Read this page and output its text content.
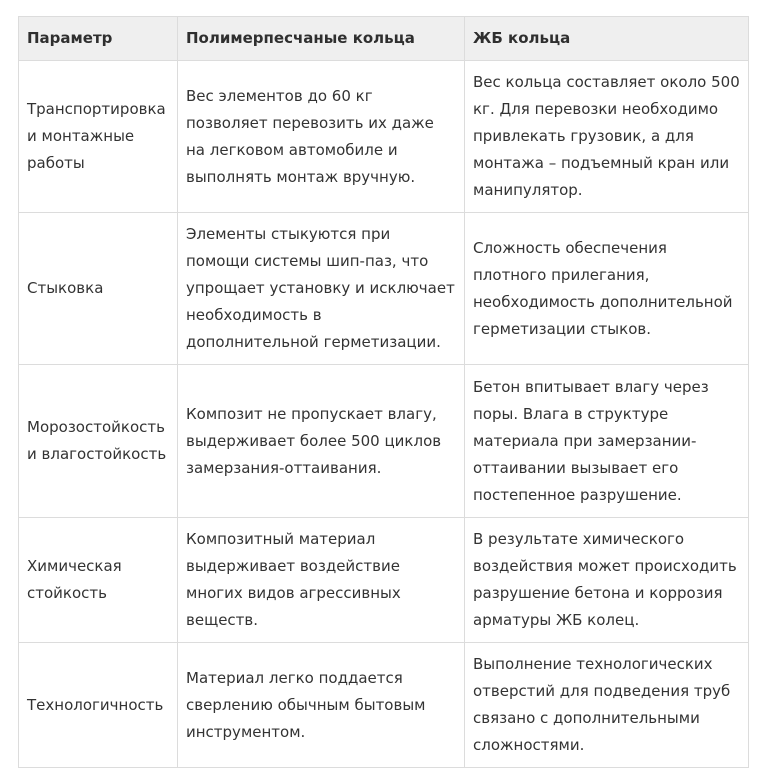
Параметр	Полимерпесчаные кольца	ЖБ кольца
Транспортировка и монтажные работы	Вес элементов до 60 кг позволяет перевозить их даже на легковом автомобиле и выполнять монтаж вручную.	Вес кольца составляет около 500 кг. Для перевозки необходимо привлекать грузовик, а для монтажа – подъемный кран или манипулятор.
Стыковка	Элементы стыкуются при помощи системы шип-паз, что упрощает установку и исключает необходимость в дополнительной герметизации.	Сложность обеспечения плотного прилегания, необходимость дополнительной герметизации стыков.
Морозостойкость и влагостойкость	Композит не пропускает влагу, выдерживает более 500 циклов замерзания-оттаивания.	Бетон впитывает влагу через поры. Влага в структуре материала при замерзании-оттаивании вызывает его постепенное разрушение.
Химическая стойкость	Композитный материал выдерживает воздействие многих видов агрессивных веществ.	В результате химического воздействия может происходить разрушение бетона и коррозия арматуры ЖБ колец.
Технологичность	Материал легко поддается сверлению обычным бытовым инструментом.	Выполнение технологических отверстий для подведения труб связано с дополнительными сложностями.
